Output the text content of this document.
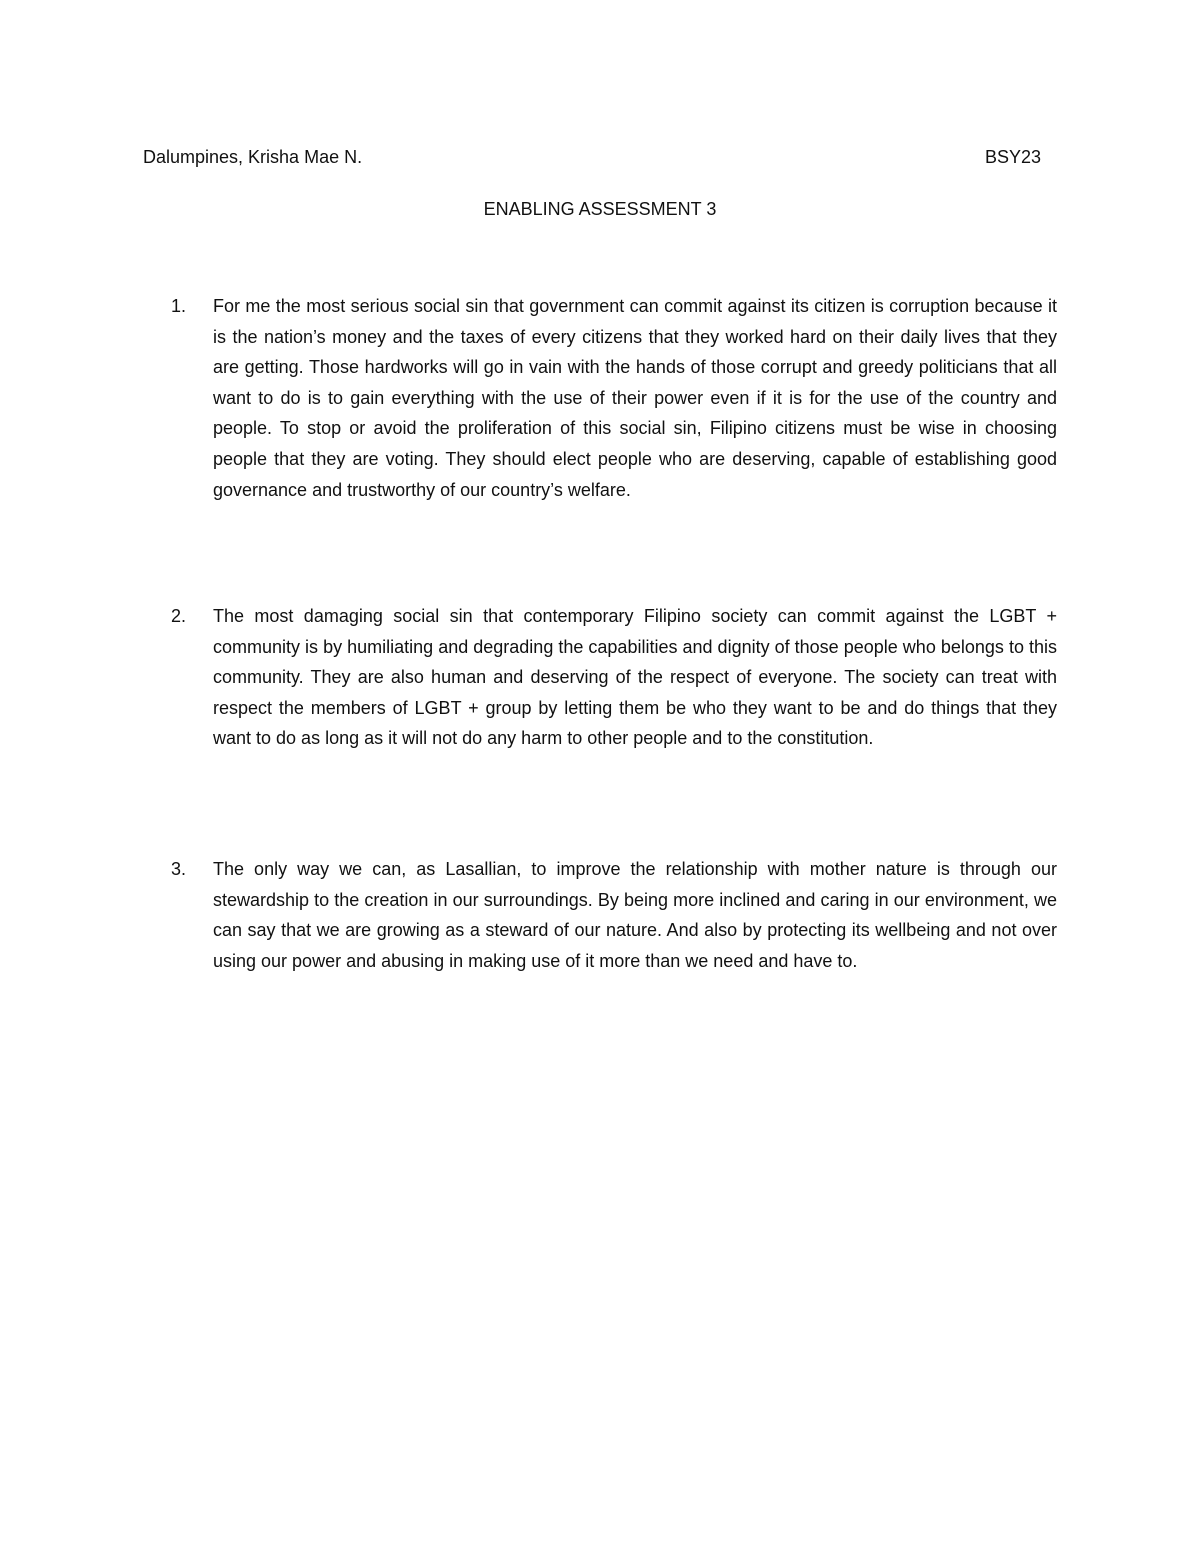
Dalumpines, Krisha Mae N.	BSY23
ENABLING ASSESSMENT 3
1.	For me the most serious social sin that government can commit against its citizen is corruption because it is the nation’s money and the taxes of every citizens that they worked hard on their daily lives that they are getting. Those hardworks will go in vain with the hands of those corrupt and greedy politicians that all want to do is to gain everything with the use of their power even if it is for the use of the country and people. To stop or avoid the proliferation of this social sin, Filipino citizens must be wise in choosing people that they are voting. They should elect people who are deserving, capable of establishing good governance and trustworthy of our country’s welfare.
2.	The most damaging social sin that contemporary Filipino society can commit against the LGBT + community is by humiliating and degrading the capabilities and dignity of those people who belongs to this community. They are also human and deserving of the respect of everyone. The society can treat with respect the members of LGBT + group by letting them be who they want to be and do things that they want to do as long as it will not do any harm to other people and to the constitution.
3.	The only way we can, as Lasallian, to improve the relationship with mother nature is through our stewardship to the creation in our surroundings. By being more inclined and caring in our environment, we can say that we are growing as a steward of our nature. And also by protecting its wellbeing and not over using our power and abusing in making use of it more than we need and have to.
